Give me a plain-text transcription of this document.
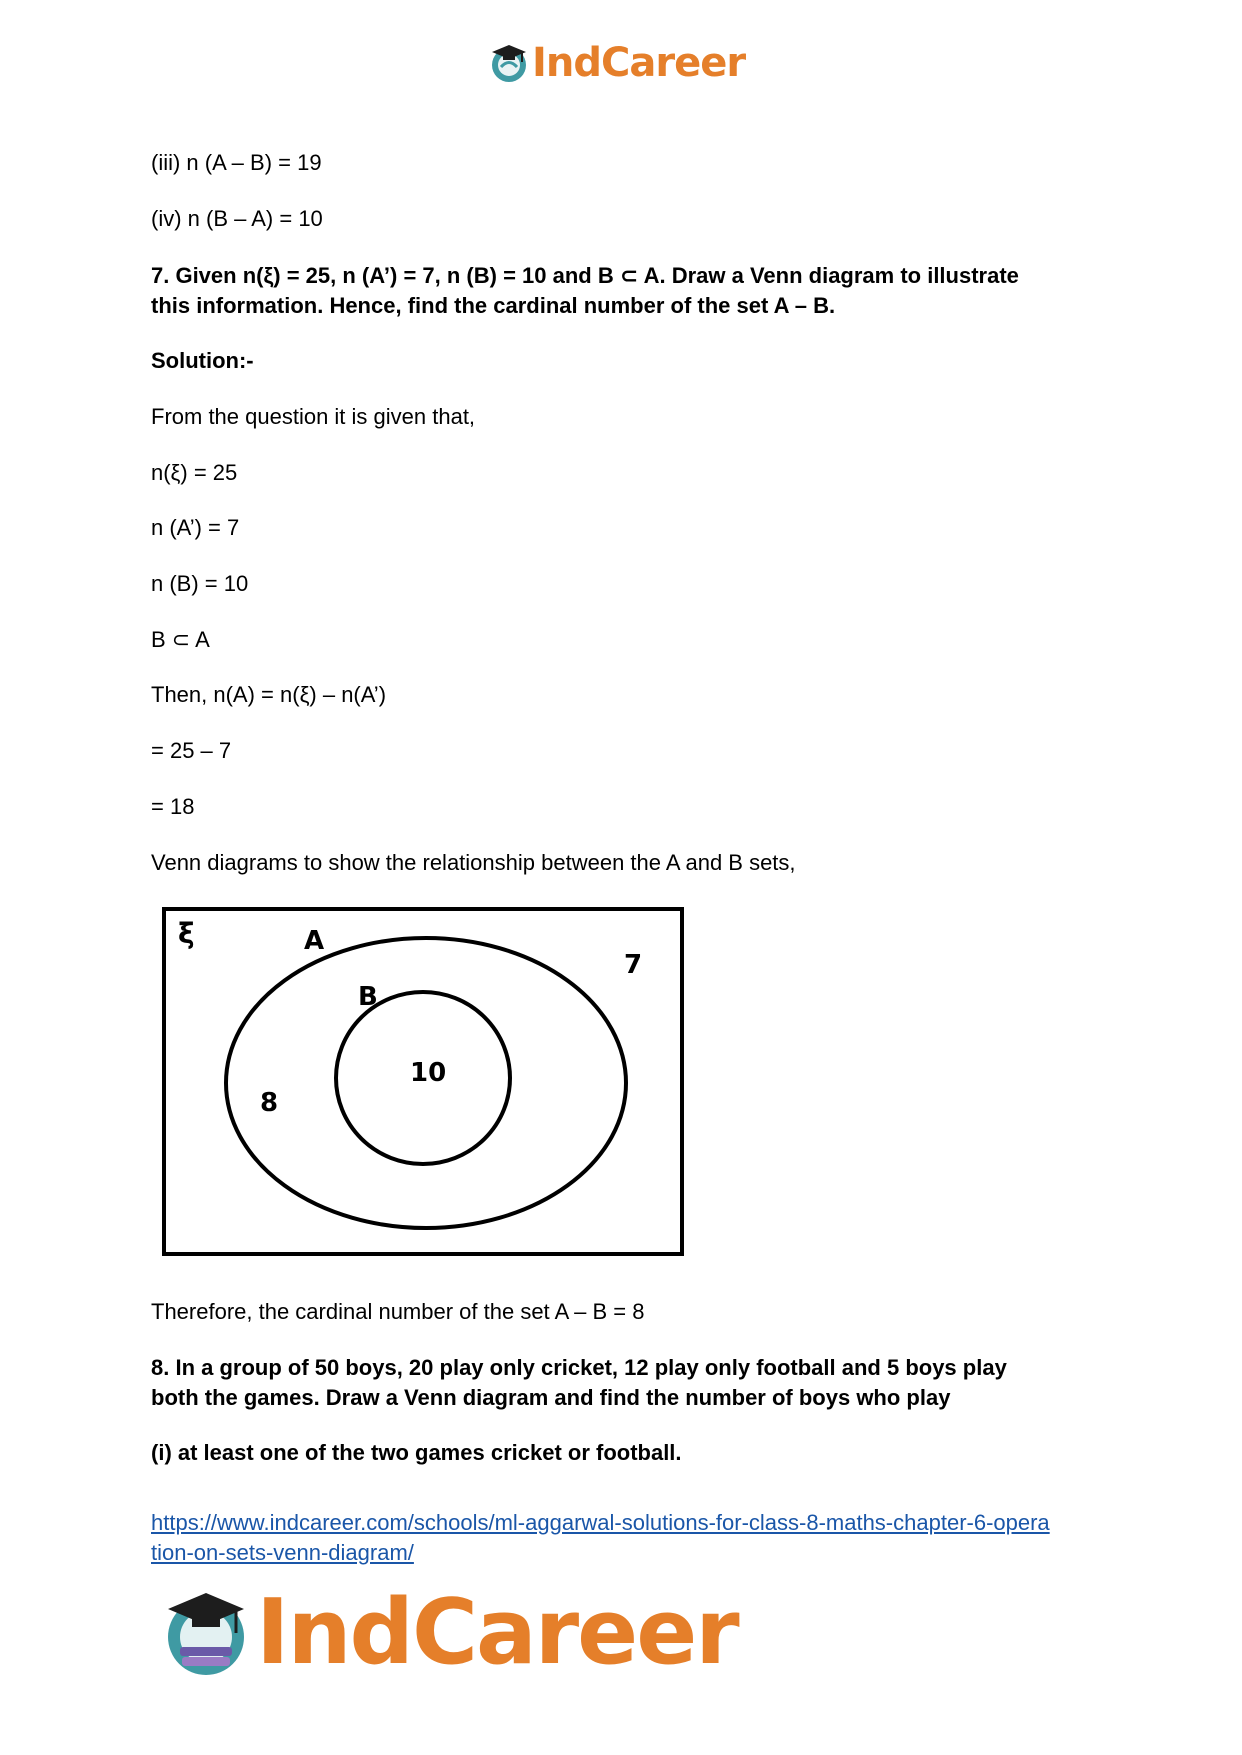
IndCareer
(iii) n (A – B) = 19
(iv) n (B – A) = 10
7. Given n(ξ) = 25, n (A’) = 7, n (B) = 10 and B ⊂ A. Draw a Venn diagram to illustrate
this information. Hence, find the cardinal number of the set A – B.
Solution:-
From the question it is given that,
n(ξ) = 25
n (A’) = 7
n (B) = 10
B ⊂ A
Then, n(A) = n(ξ) – n(A’)
= 25 – 7
= 18
Venn diagrams to show the relationship between the A and B sets,
ξ	A
B
7
8
10
Therefore, the cardinal number of the set A – B = 8
8. In a group of 50 boys, 20 play only cricket, 12 play only football and 5 boys play
both the games. Draw a Venn diagram and find the number of boys who play
(i) at least one of the two games cricket or football.
https://www.indcareer.com/schools/ml-aggarwal-solutions-for-class-8-maths-chapter-6-opera
tion-on-sets-venn-diagram/
IndCareer
